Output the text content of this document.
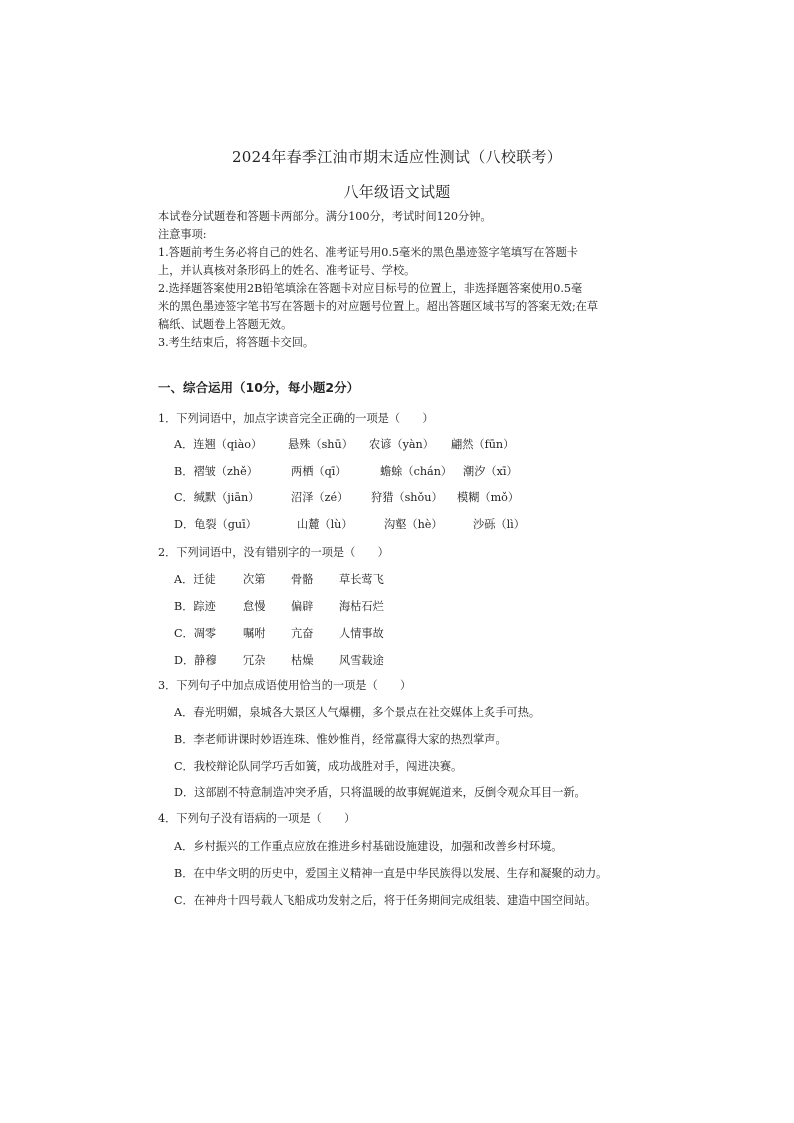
2024年春季江油市期末适应性测试（八校联考）
八年级语文试题

本试卷分试题卷和答题卡两部分。满分100分，考试时间120分钟。

注意事项:

1.答题前考生务必将自己的姓名、准考证号用0.5毫米的黑色墨迹签字笔填写在答题卡

上，并认真核对条形码上的姓名、准考证号、学校。

2.选择题答案使用2B铅笔填涂在答题卡对应目标号的位置上，非选择题答案使用0.5毫

米的黑色墨迹签字笔书写在答题卡的对应题号位置上。超出答题区域书写的答案无效;在草

稿纸、试题卷上答题无效。

3.考生结束后，将答题卡交回。

一、综合运用（10分，每小题2分）
1．下列词语中，加点字读音完全正确的一项是（　　）
A．连翘（qiào） 悬殊（shū） 农谚（yàn） 翩然（fūn）
B．褶皱（zhě）	两栖（qī）	蟾蜍（chán） 潮汐（xī）
C．缄默（jiān）	沼泽（zé） 狩猎（shǒu） 模糊（mǒ）
D．龟裂（guī）	山麓（lù）	沟壑（hè）	沙砾（lì）
2．下列词语中，没有错别字的一项是（　　）
A．迁徒 次第 骨骼 草长莺飞
B．踪迹 怠慢 偏辟 海枯石烂
C．凋零 嘱咐 亢奋 人情事故
D．静穆 冗杂 枯燥 风雪载途
3．下列句子中加点成语使用恰当的一项是（　　）
A．春光明媚，泉城各大景区人气爆棚，多个景点在社交媒体上炙手可热。
B．李老师讲课时妙语连珠、惟妙惟肖，经常赢得大家的热烈掌声。
C．我校辩论队同学巧舌如簧，成功战胜对手，闯进决赛。
D．这部剧不特意制造冲突矛盾，只将温暖的故事娓娓道来，反倒令观众耳目一新。
4．下列句子没有语病的一项是（　　）
A．乡村振兴的工作重点应放在推进乡村基础设施建设，加强和改善乡村环境。
B．在中华文明的历史中，爱国主义精神一直是中华民族得以发展、生存和凝聚的动力。
C．在神舟十四号载人飞船成功发射之后，将于任务期间完成组装、建造中国空间站。
